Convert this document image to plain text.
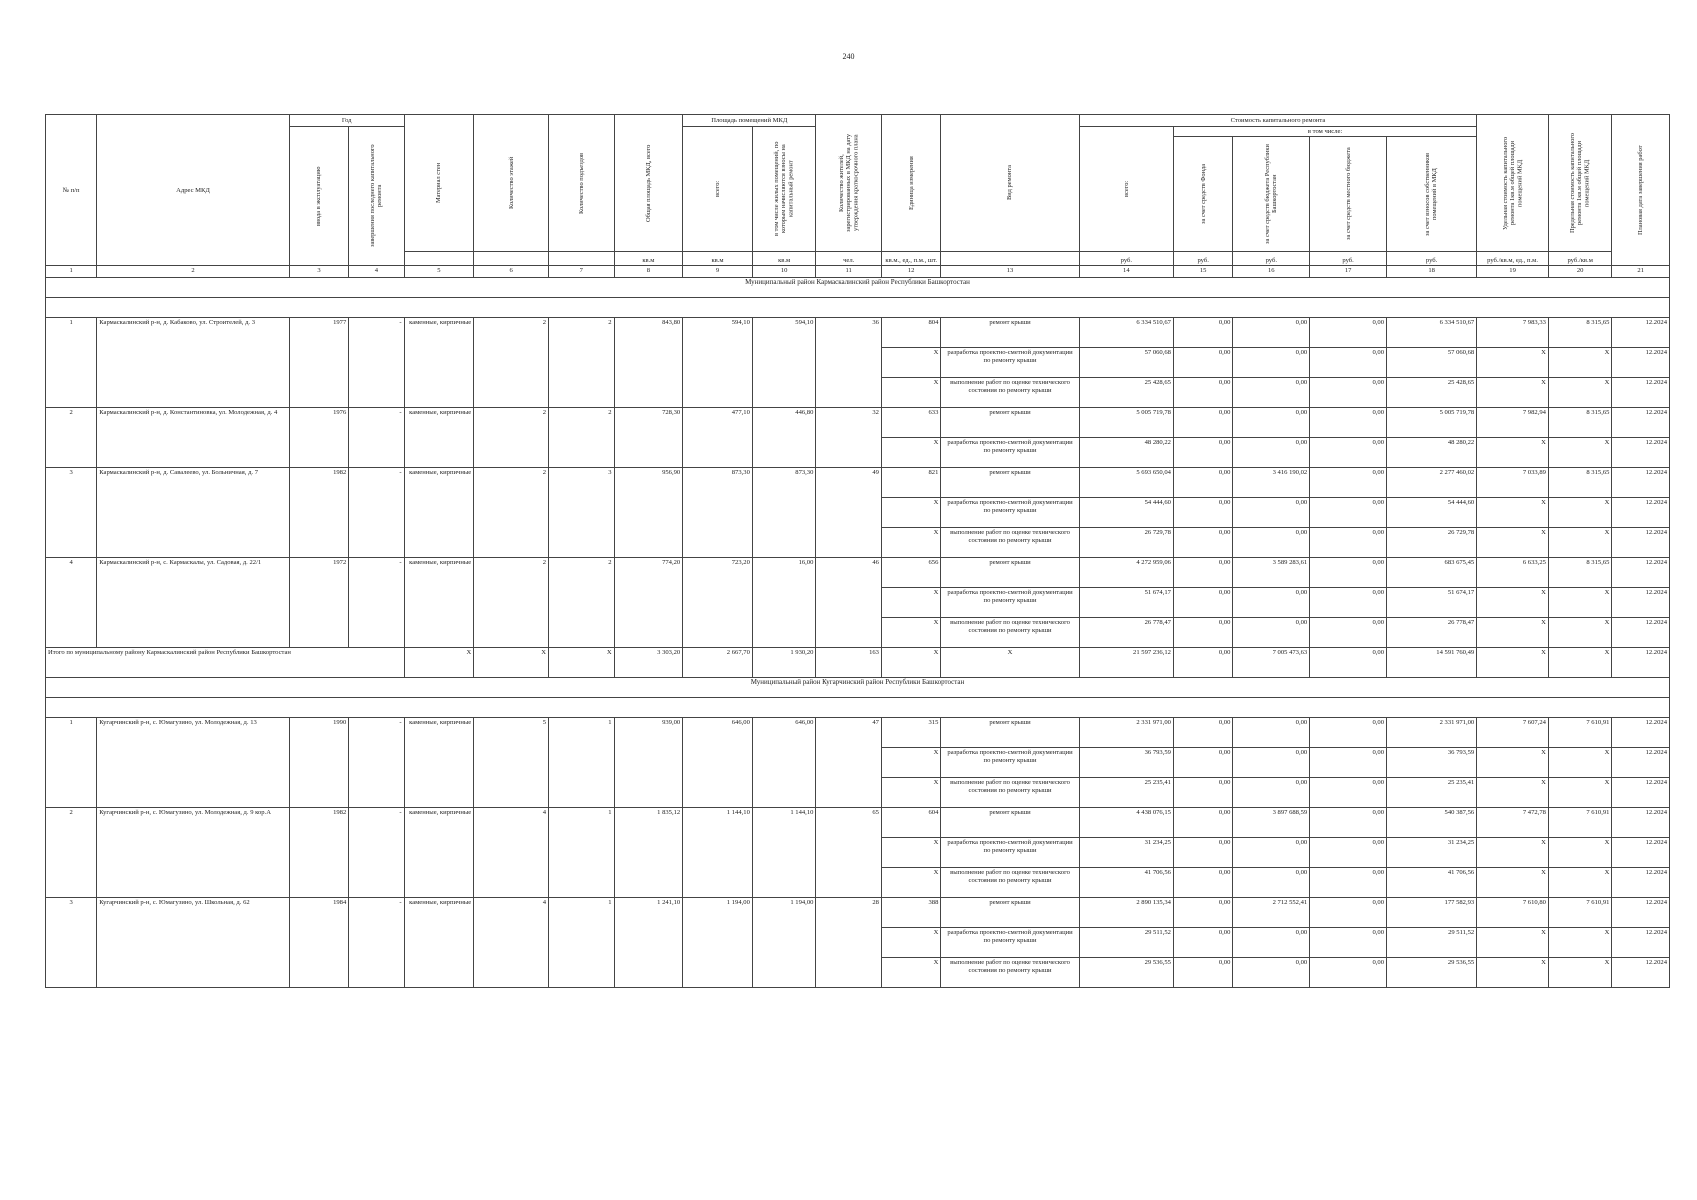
240
№ п/п	Адрес МКД	Год		Материал стен	Количество этажей	Количество подъездов	Общая площадь МКД, всего	Площадь помещений МКД		Количество жителей, зарегистрированных в МКД на дату утверждения краткосрочного плана	Единица измерения	Вид ремонта	Стоимость капитального ремонта					Удельная стоимость капитального ремонта 1кв.м общей площади помещений МКД	Предельная стоимость капитального ремонта 1кв.м общей площади помещений МКД	Плановая дата завершения работ

		ввода в эксплуатацию	завершения последнего капитального ремонта					всего:	в том числе жилых помещений, по которым начисляются взносы на капитальный ремонт				всего:	в том числе:						

														за счет средств Фонда	за счет средств бюджета Республики Башкортостан	за счет средств местного бюджета	за счет взносов собственников помещений в МКД			

							кв.м	кв.м	кв.м	чел.	кв.м., ед., п.м., шт.		руб.	руб.	руб.	руб.	руб.	руб./кв.м, ед., п.м.	руб./кв.м	
1	2	3	4	5	6	7	8	9	10	11	12	13	14	15	16	17	18	19	20	21
Муниципальный район Кармаскалинский район Республики Башкортостан																				

1	Кармаскалинский р-н, д. Кабаково, ул. Строителей, д. 3	1977	-	каменные, кирпичные	2	2	843,80	594,10	594,10	36	804	ремонт крыши	6 334 510,67	0,00	0,00	0,00	6 334 510,67	7 983,33	8 315,65	12.2024
											X	разработка проектно-сметной документации по ремонту крыши	57 060,68	0,00	0,00	0,00	57 060,68	X	X	12.2024
											X	выполнение работ по оценке технического состояния по ремонту крыши	25 428,65	0,00	0,00	0,00	25 428,65	X	X	12.2024
2	Кармаскалинский р-н, д. Константиновка, ул. Молодежная, д. 4	1976	-	каменные, кирпичные	2	2	728,30	477,10	446,80	32	633	ремонт крыши	5 005 719,78	0,00	0,00	0,00	5 005 719,78	7 982,94	8 315,65	12.2024
											X	разработка проектно-сметной документации по ремонту крыши	48 280,22	0,00	0,00	0,00	48 280,22	X	X	12.2024
3	Кармаскалинский р-н, д. Савалеево, ул. Больничная, д. 7	1982	-	каменные, кирпичные	2	3	956,90	873,30	873,30	49	821	ремонт крыши	5 693 650,04	0,00	3 416 190,02	0,00	2 277 460,02	7 033,89	8 315,65	12.2024
											X	разработка проектно-сметной документации по ремонту крыши	54 444,60	0,00	0,00	0,00	54 444,60	X	X	12.2024
											X	выполнение работ по оценке технического состояния по ремонту крыши	26 729,78	0,00	0,00	0,00	26 729,78	X	X	12.2024
4	Кармаскалинский р-н, с. Кармаскалы, ул. Садовая, д. 22/1	1972	-	каменные, кирпичные	2	2	774,20	723,20	16,00	46	656	ремонт крыши	4 272 959,06	0,00	3 589 283,61	0,00	683 675,45	6 633,25	8 315,65	12.2024
											X	разработка проектно-сметной документации по ремонту крыши	51 674,17	0,00	0,00	0,00	51 674,17	X	X	12.2024
											X	выполнение работ по оценке технического состояния по ремонту крыши	26 778,47	0,00	0,00	0,00	26 778,47	X	X	12.2024
Итого по муниципальному району Кармаскалинский район Республики Башкортостан				X	X	X	3 303,20	2 667,70	1 930,20	163	X	X	21 597 236,12	0,00	7 005 473,63	0,00	14 591 760,49	X	X	12.2024
Муниципальный район Кугарчинский район Республики Башкортостан																				

1	Кугарчинский р-н, с. Юмагузино, ул. Молодежная, д. 13	1990	-	каменные, кирпичные	5	1	939,00	646,00	646,00	47	315	ремонт крыши	2 331 971,00	0,00	0,00	0,00	2 331 971,00	7 607,24	7 610,91	12.2024
											X	разработка проектно-сметной документации по ремонту крыши	36 793,59	0,00	0,00	0,00	36 793,59	X	X	12.2024
											X	выполнение работ по оценке технического состояния по ремонту крыши	25 235,41	0,00	0,00	0,00	25 235,41	X	X	12.2024
2	Кугарчинский р-н, с. Юмагузино, ул. Молодежная, д. 9 кор.А	1982	-	каменные, кирпичные	4	1	1 835,12	1 144,10	1 144,10	65	604	ремонт крыши	4 438 076,15	0,00	3 897 688,59	0,00	540 387,56	7 472,78	7 610,91	12.2024
											X	разработка проектно-сметной документации по ремонту крыши	31 234,25	0,00	0,00	0,00	31 234,25	X	X	12.2024
											X	выполнение работ по оценке технического состояния по ремонту крыши	41 706,56	0,00	0,00	0,00	41 706,56	X	X	12.2024
3	Кугарчинский р-н, с. Юмагузино, ул. Школьная, д. 62	1984	-	каменные, кирпичные	4	1	1 241,10	1 194,00	1 194,00	28	388	ремонт крыши	2 890 135,34	0,00	2 712 552,41	0,00	177 582,93	7 610,80	7 610,91	12.2024
											X	разработка проектно-сметной документации по ремонту крыши	29 511,52	0,00	0,00	0,00	29 511,52	X	X	12.2024
											X	выполнение работ по оценке технического состояния по ремонту крыши	29 536,55	0,00	0,00	0,00	29 536,55	X	X	12.2024
